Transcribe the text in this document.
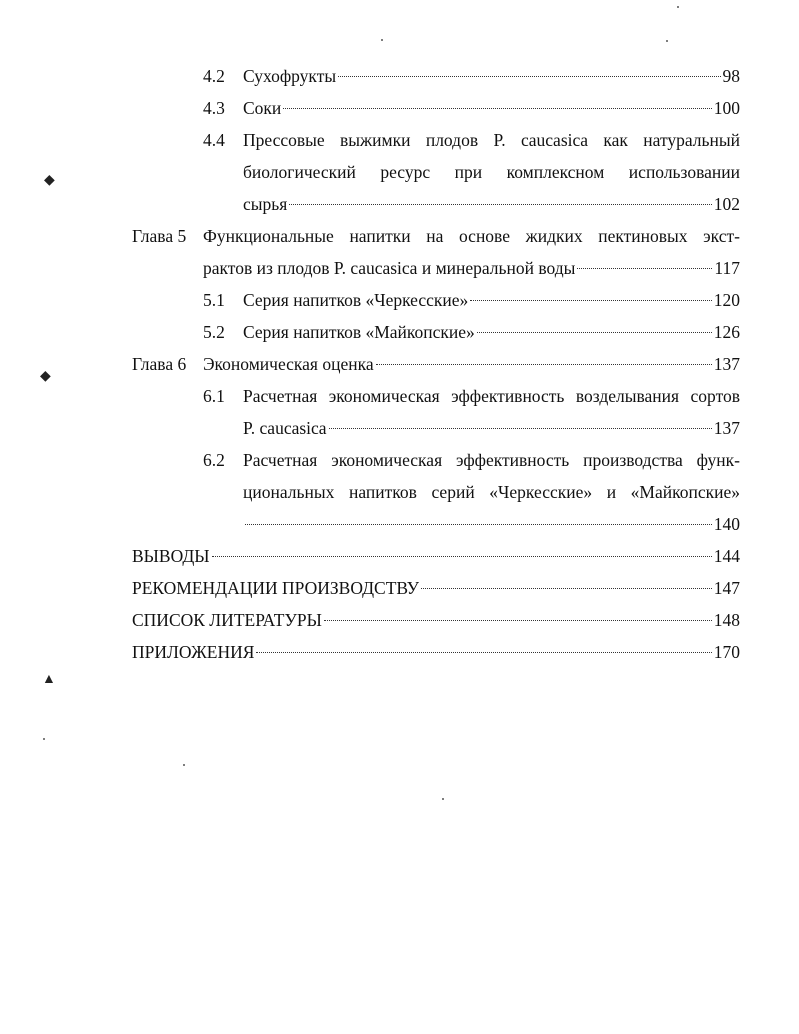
◆
◆
▲
4.2 Сухофрукты	98
4.3 Соки	100
4.4 Прессовые выжимки плодов P. caucasica как натуральный
биологический ресурс при комплексном использовании
сырья	102
Глава 5 Функциональные напитки на основе жидких пектиновых экст-
рактов из плодов P. caucasica и минеральной воды	117
5.1 Серия напитков «Черкесские»	120
5.2 Серия напитков «Майкопские»	126
Глава 6 Экономическая оценка	137
6.1 Расчетная экономическая эффективность возделывания сортов
P. caucasica	137
6.2 Расчетная экономическая эффективность производства функ-
циональных напитков серий «Черкесские» и «Майкопские»
140
ВЫВОДЫ	144
РЕКОМЕНДАЦИИ ПРОИЗВОДСТВУ	147
СПИСОК ЛИТЕРАТУРЫ	148
ПРИЛОЖЕНИЯ	170
